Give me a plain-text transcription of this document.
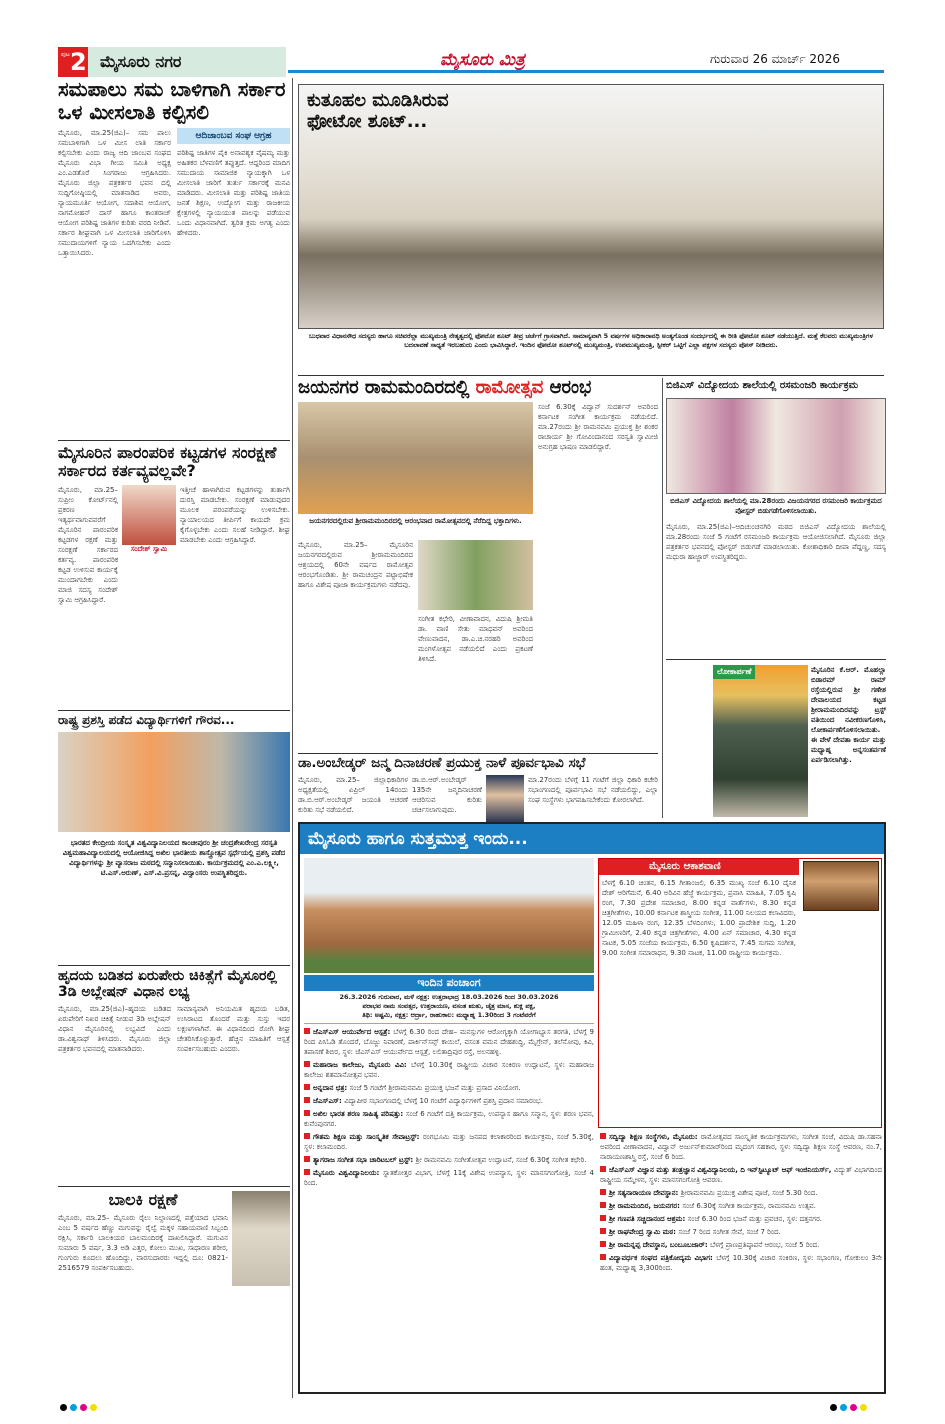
ಪುಟ 2 ಮೈಸೂರು ನಗರ	ಮೈಸೂರು ಮಿತ್ರ	ಗುರುವಾರ 26 ಮಾರ್ಚ್ 2026
ಸಮಪಾಲು ಸಮ ಬಾಳಿಗಾಗಿ ಸರ್ಕಾರ ಒಳ ಮೀಸಲಾತಿ ಕಲ್ಪಿಸಲಿ
ಮೈಸೂರು, ಮಾ.25(ಜಿಎ)– ಸಮ ಪಾಲು ಸಮಬಾಳಿಗಾಗಿ ಒಳ ಮೀಸ ಲಾತಿ ಸರ್ಕಾರ ಕಲ್ಪಿಸಬೇಕು ಎಂದು ರಾಜ್ಯ ಆದಿ ಜಾಂಬವ ಸಂಘದ ಮೈಸೂರು ವಿಭಾ ಗೀಯ ಸಮಿತಿ ಅಧ್ಯಕ್ಷ ಎಂ.ಎಡತೊರೆ ಸಿಂಗರಾಜು ಆಗ್ರಹಿಸಿದರು. ಮೈಸೂರು ಜಿಲ್ಲಾ ಪತ್ರಕರ್ತರ ಭವನ ದಲ್ಲಿ ಸುದ್ದಿಗೋಷ್ಠಿಯಲ್ಲಿ ಮಾತನಾಡಿದ ಅವರು, ನ್ಯಾಯಮೂರ್ತಿ ಆಯೋಗ, ಸದಾಶಿವ ಆಯೋಗ, ನಾಗಮೋಹನ್ ದಾಸ್ ಹಾಗೂ ಕಾಂತರಾಜ್ ಆಯೋಗ ಪರಿಶಿಷ್ಟ ಜಾತಿಗಳ ಕುರಿತು ವರದಿ ನೀಡಿವೆ. ಸರ್ಕಾರ ಶೀಘ್ರವಾಗಿ ಒಳ ಮೀಸಲಾತಿ ಜಾರಿಗೊಳಿಸಿ ಸಮುದಾಯಗಳಿಗೆ ನ್ಯಾಯ ಒದಗಿಸಬೇಕು ಎಂದು ಒತ್ತಾಯಿಸಿದರು.
ಆದಿಜಾಂಬವ ಸಂಘ ಆಗ್ರಹ
ಪರಿಶಿಷ್ಟ ಜಾತಿಗಳ ಪೈಕಿ ಅನಾವಶ್ಯಕ ವೈಷಮ್ಯ ಮತ್ತು ಅಹಿತಕರ ಬೆಳವಣಿಗೆ ತಪ್ಪುತ್ತದೆ. ಆದ್ದರಿಂದ ಮಾದಿಗ ಸಮುದಾಯ ಸಾಮಾಜಿಕ ನ್ಯಾಯಕ್ಕಾಗಿ ಒಳ ಮೀಸಲಾತಿ ಜಾರಿಗೆ ತುರ್ತು ಸರ್ಕಾರಕ್ಕೆ ಮನವಿ ಮಾಡಿದರು. ಮೀಸಲಾತಿ ಮತ್ತು ಪರಿಶಿಷ್ಟ ಜಾತಿಯ ಜನತೆ ಶಿಕ್ಷಣ, ಉದ್ಯೋಗ ಮತ್ತು ರಾಜಕೀಯ ಕ್ಷೇತ್ರಗಳಲ್ಲಿ ನ್ಯಾಯಯುತ ಪಾಲನ್ನು ಪಡೆಯುವ ಒಂದು ವಿಧಾನವಾಗಿದೆ. ತ್ವರಿತ ಕ್ರಮ ಅಗತ್ಯ ಎಂದು ಹೇಳಿದರು.
ಮೈಸೂರಿನ ಪಾರಂಪರಿಕ ಕಟ್ಟಡಗಳ ಸಂರಕ್ಷಣೆ ಸರ್ಕಾರದ ಕರ್ತವ್ಯವಲ್ಲವೇ?
ಮೈಸೂರು, ಮಾ.25– ಸುಪ್ರೀಂ ಕೋರ್ಟ್‌ನಲ್ಲಿ ಪ್ರಕರಣ ಇತ್ಯರ್ಥವಾಗುವವರೆಗೆ ಮೈಸೂರಿನ ಪಾರಂಪರಿಕ ಕಟ್ಟಡಗಳ ರಕ್ಷಣೆ ಮತ್ತು ಸಂರಕ್ಷಣೆ ಸರ್ಕಾರದ ಕರ್ತವ್ಯ. ಪಾರಂಪರಿಕ ಕಟ್ಟಡ ಉಳಿಸುವ ಕಾರ್ಯಕ್ಕೆ ಮುಂದಾಗಬೇಕು ಎಂದು ಮಾಜಿ ಸದಸ್ಯ ಸಂದೇಶ್ ಸ್ವಾಮಿ ಆಗ್ರಹಿಸಿದ್ದಾರೆ.
ಸಂದೇಶ್ ಸ್ವಾಮಿ
ಇತ್ತೀಚೆ ಹಾಳಾಗಿರುವ ಕಟ್ಟಡಗಳನ್ನು ತುರ್ತಾಗಿ ದುರಸ್ತಿ ಮಾಡಬೇಕು. ಸಂರಕ್ಷಣೆ ಮಾಡುವುದರ ಮೂಲಕ ಪರಂಪರೆಯನ್ನು ಉಳಿಸಬೇಕು. ನ್ಯಾಯಾಲಯದ ತೀರ್ಪಿಗೆ ಕಾಯದೇ ಕ್ರಮ ಕೈಗೊಳ್ಳಬೇಕು ಎಂದು ಸಲಹೆ ನೀಡಿದ್ದಾರೆ. ಶೀಘ್ರ ಮಾಡಬೇಕು ಎಂದು ಆಗ್ರಹಿಸಿದ್ದಾರೆ.
ರಾಷ್ಟ್ರ ಪ್ರಶಸ್ತಿ ಪಡೆದ ವಿದ್ಯಾರ್ಥಿಗಳಿಗೆ ಗೌರವ...
ಭಾರತದ ಕೇಂದ್ರೀಯ ಸಂಸ್ಕೃತ ವಿಶ್ವವಿದ್ಯಾನಿಲಯದ ಕಾಂಚೀಪುರಂ ಶ್ರೀ ಚಂದ್ರಶೇಖರೇಂದ್ರ ಸರಸ್ವತಿ ವಿಶ್ವಮಹಾವಿದ್ಯಾಲಯದಲ್ಲಿ ಆಯೋಜಿಸಿದ್ದ ಅಖಿಲ ಭಾರತೀಯ ಶಾಸ್ತ್ರೋತ್ಸವ ಸ್ಪರ್ಧೆಯಲ್ಲಿ ಪ್ರಶಸ್ತಿ ಪಡೆದ ವಿದ್ಯಾರ್ಥಿಗಳನ್ನು ಶ್ರೀ ವ್ಯಾಸರಾಜ ಮಠದಲ್ಲಿ ಸನ್ಮಾನಿಸಲಾಯಿತು. ಕಾರ್ಯಕ್ರಮದಲ್ಲಿ ಎಂ.ಎ.ಲಕ್ಷ್ಮೀ, ಟಿ.ಎಸ್.ಅರುಣ್, ಎಸ್.ವಿ.ಪ್ರಸನ್ನ, ವಿದ್ವಾಂಸರು ಉಪಸ್ಥಿತರಿದ್ದರು.
ಹೃದಯ ಬಡಿತದ ಏರುಪೇರು ಚಿಕಿತ್ಸೆಗೆ ಮೈಸೂರಲ್ಲಿ 3ಡಿ ಅಬ್ಲೇಷನ್ ವಿಧಾನ ಲಭ್ಯ
ಮೈಸೂರು, ಮಾ.25(ಜಿಎ)–ಹೃದಯ ಬಡಿತದ ಏರುಪೇರಿಗೆ ನಿಖರ ಚಿಕಿತ್ಸೆ ನೀಡುವ 3ಡಿ ಅಬ್ಲೇಷನ್ ವಿಧಾನ ಮೈಸೂರಿನಲ್ಲಿ ಲಭ್ಯವಿದೆ ಎಂದು ಡಾ.ವಿಶ್ವನಾಥ್ ತಿಳಿಸಿದರು. ಮೈಸೂರು ಜಿಲ್ಲಾ ಪತ್ರಕರ್ತರ ಭವನದಲ್ಲಿ ಮಾತನಾಡಿದರು.
ಸಾಮಾನ್ಯವಾಗಿ ಅನಿಯಮಿತ ಹೃದಯ ಬಡಿತ, ಉಸಿರಾಟದ ತೊಂದರೆ ಮತ್ತು ಸುಸ್ತು ಇದರ ಲಕ್ಷಣಗಳಾಗಿವೆ. ಈ ವಿಧಾನದಿಂದ ರೋಗಿ ಶೀಘ್ರ ಚೇತರಿಸಿಕೊಳ್ಳುತ್ತಾರೆ. ಹೆಚ್ಚಿನ ಮಾಹಿತಿಗೆ ಆಸ್ಪತ್ರೆ ಸಂಪರ್ಕಿಸಬಹುದು ಎಂದರು.
ಬಾಲಕಿ ರಕ್ಷಣೆ
ಮೈಸೂರು, ಮಾ.25– ಮೈಸೂರು ರೈಲು ನಿಲ್ದಾಣದಲ್ಲಿ ಪತ್ತೆಯಾದ ಭವಾನಿ ಎಂಬ 5 ವರ್ಷದ ಹೆಣ್ಣು ಮಗುವನ್ನು ರೈಲ್ವೆ ಮಕ್ಕಳ ಸಹಾಯವಾಣಿ ಸಿಬ್ಬಂದಿ ರಕ್ಷಿಸಿ, ಸರ್ಕಾರಿ ಬಾಲಕಿಯರ ಬಾಲಮಂದಿರಕ್ಕೆ ದಾಖಲಿಸಿದ್ದಾರೆ. ಮಗುವಿನ ಸುಮಾರು 5 ವರ್ಷ, 3.3 ಅಡಿ ಎತ್ತರ, ಕೋಲು ಮುಖ, ಸಾಧಾರಣ ಶರೀರ, ಗುಂಗುರು ಕೂದಲು ಹೊಂದಿದ್ದು, ವಾರಸುದಾರರು ಇದ್ದಲ್ಲಿ ದೂ: 0821-2516579 ಸಂಪರ್ಕಿಸಬಹುದು.
ಕುತೂಹಲ ಮೂಡಿಸಿರುವ ಫೋಟೋ ಶೂಟ್...
ಬುಧವಾರ ವಿಧಾನಸೌಧ ಸದಸ್ಯರು ಹಾಗೂ ಸಚಿವರೆಲ್ಲಾ ಮುಖ್ಯಮಂತ್ರಿ ನೇತೃತ್ವದಲ್ಲಿ ಫೋಟೋ ಶೂಟ್ ತೀವ್ರ ಚರ್ಚೆಗೆ ಗ್ರಾಸವಾಗಿದೆ. ಸಾಮಾನ್ಯವಾಗಿ 5 ವರ್ಷಗಳ ಅಧಿಕಾರಾವಧಿ ಅಂತ್ಯಗೊಂಡ ಸಂದರ್ಭದಲ್ಲಿ ಈ ರೀತಿ ಫೋಟೋ ಶೂಟ್ ನಡೆಯುತ್ತಿದೆ. ಮತ್ತೆ ಕೆಲವರು ಮುಖ್ಯಮಂತ್ರಿಗಳ ಬದಲಾವಣೆ ಸಾಧ್ಯತೆ ಇರಬಹುದು ಎಂದು ಭಾವಿಸಿದ್ದಾರೆ. ಇಂದಿನ ಫೋಟೋ ಶೂಟ್‌ನಲ್ಲಿ ಮುಖ್ಯಮಂತ್ರಿ, ಉಪಮುಖ್ಯಮಂತ್ರಿ, ಸ್ಪೀಕರ್ ಒಟ್ಟಿಗೆ ಎಲ್ಲಾ ಪಕ್ಷಗಳ ಸದಸ್ಯರು ಪೋಸ್ ನೀಡಿದರು.
ಜಯನಗರ ರಾಮಮಂದಿರದಲ್ಲಿ ರಾಮೋತ್ಸವ ಆರಂಭ
ಜಯನಗರದಲ್ಲಿರುವ ಶ್ರೀರಾಮಮಂದಿರದಲ್ಲಿ ಆರಂಭವಾದ ರಾಮೋತ್ಸವದಲ್ಲಿ ನೆರೆದಿದ್ದ ಭಕ್ತಾದಿಗಳು.
ಸಂಜೆ 6.30ಕ್ಕೆ ವಿದ್ವಾನ್ ಸುದರ್ಶನ್ ಅವರಿಂದ ಕರ್ನಾಟಕ ಸಂಗೀತ ಕಾರ್ಯಕ್ರಮ ನಡೆಯಲಿದೆ. ಮಾ.27ರಂದು ಶ್ರೀ ರಾಮನವಮಿ ಪ್ರಯುಕ್ತ ಶ್ರೀ ಶಂಕರ ರಾಚಾರ್ಯ ಶ್ರೀ ಗೋವಿಂದಾನಂದ ಸರಸ್ವತಿ ಸ್ವಾಮೀಜಿ ಅನುಗ್ರಹ ಭಾಷಣ ಮಾಡಲಿದ್ದಾರೆ.
ಮೈಸೂರು, ಮಾ.25– ಮೈಸೂರಿನ ಜಯನಗರದಲ್ಲಿರುವ ಶ್ರೀರಾಮಮಂದಿರದ ಆಶ್ರಯದಲ್ಲಿ 60ನೇ ವರ್ಷದ ರಾಮೋತ್ಸವ ಆರಂಭಗೊಂಡಿತು. ಶ್ರೀ ರಾಮಚಂದ್ರನ ಪಟ್ಟಾಭಿಷೇಕ ಹಾಗೂ ವಿಶೇಷ ಪೂಜಾ ಕಾರ್ಯಕ್ರಮಗಳು ನಡೆದವು.
ಸಂಗೀತ ಕಛೇರಿ, ವೀಣಾವಾದನ, ವಿದುಷಿ ಶ್ರೀಮತಿ ಡಾ. ವಾಣಿ ಸೇತು ಮಾಧವನ್ ಅವರಿಂದ ವೇಣುವಾದನ, ಡಾ.ಎ.ಚಿ.ನರಹರಿ ಅವರಿಂದ ಮಂಗಳೋತ್ಸವ ನಡೆಯಲಿದೆ ಎಂದು ಪ್ರಕಟಣೆ ತಿಳಿಸಿದೆ.
ಡಾ.ಅಂಬೇಡ್ಕರ್ ಜನ್ಮ ದಿನಾಚರಣೆ ಪ್ರಯುಕ್ತ ನಾಳೆ ಪೂರ್ವಭಾವಿ ಸಭೆ
ಮೈಸೂರು, ಮಾ.25– ಜಿಲ್ಲಾಧಿಕಾರಿಗಳ ಅಧ್ಯಕ್ಷತೆಯಲ್ಲಿ ಏಪ್ರಿಲ್ 14ರಂದು ಡಾ.ಬಿ.ಆರ್.ಅಂಬೇಡ್ಕರ್ ಜಯಂತಿ ಆಚರಣೆ ಕುರಿತು ಸಭೆ ನಡೆಯಲಿದೆ.
ಡಾ.ಬಿ.ಆರ್.ಅಂಬೇಡ್ಕರ್ 135ನೇ ಜನ್ಮದಿನಾಚರಣೆ ಆಚರಿಸುವ ಕುರಿತು ಚರ್ಚಿಸಲಾಗುವುದು.
ಮಾ.27ರಂದು ಬೆಳಗ್ಗೆ 11 ಗಂಟೆಗೆ ಜಿಲ್ಲಾ ಧಿಕಾರಿ ಕಚೇರಿ ಸಭಾಂಗಣದಲ್ಲಿ ಪೂರ್ವಭಾವಿ ಸಭೆ ನಡೆಯಲಿದ್ದು, ಎಲ್ಲಾ ಸಂಘ ಸಂಸ್ಥೆಗಳು ಭಾಗವಹಿಸಬೇಕೆಂದು ಕೋರಲಾಗಿದೆ.
ಬಿಜಿಎಸ್ ವಿದ್ಯೋದಯ ಶಾಲೆಯಲ್ಲಿ ರಸಮಂಜರಿ ಕಾರ್ಯಕ್ರಮ
ಬಿಜಿಎಸ್ ವಿದ್ಯೋದಯ ಶಾಲೆಯಲ್ಲಿ ಮಾ.28ರಂದು ವಿಜಯನಗರದ ರಸಮಂಜರಿ ಕಾರ್ಯಕ್ರಮದ ಪೋಸ್ಟರ್ ಬಿಡುಗಡೆಗೊಳಿಸಲಾಯಿತು.
ಮೈಸೂರು, ಮಾ.25(ಜಿಎ)–ಆದಿಚುಂಚನಗಿರಿ ಮಠದ ಬಿಜಿಎಸ್ ವಿದ್ಯೋದಯ ಶಾಲೆಯಲ್ಲಿ ಮಾ.28ರಂದು ಸಂಜೆ 5 ಗಂಟೆಗೆ ರಸಮಂಜರಿ ಕಾರ್ಯಕ್ರಮ ಆಯೋಜಿಸಲಾಗಿದೆ. ಮೈಸೂರು ಜಿಲ್ಲಾ ಪತ್ರಕರ್ತರ ಭವನದಲ್ಲಿ ಪೋಸ್ಟರ್ ಬಿಡುಗಡೆ ಮಾಡಲಾಯಿತು. ಕೋಶಾಧಿಕಾರಿ ದೀಪಾ ಪೆದ್ದಣ್ಣ, ಸದಸ್ಯ ಮಧುರಾ ಹಾಜ್ಜಾರ್ ಉಪಸ್ಥಿತರಿದ್ದರು.
ಲೋಕಾರ್ಪಣೆ	ಮೈಸೂರಿನ ಕೆ.ಆರ್. ಮೊಹಲ್ಲಾ ಬಿಡಾರಮ್ ರಾಮ್ ರಸ್ತೆಯಲ್ಲಿರುವ ಶ್ರೀ ಗಣೇಶ ದೇವಾಲಯದ ಕಟ್ಟಡ ಶ್ರೀರಾಮಮಂದಿರವನ್ನು ಟ್ರಸ್ಟ್ ವತಿಯಿಂದ ನವೀಕರಣಗೊಳಿಸಿ, ಲೋಕಾರ್ಪಣೆಗೊಳಿಸಲಾಯಿತು. ಈ ವೇಳೆ ದೇವತಾ ಕಾರ್ಯ ಮತ್ತು ಮಧ್ಯಾಹ್ನ ಅನ್ನಸಂತರ್ಪಣೆ ಏರ್ಪಡಿಸಲಾಗಿತ್ತು.
ಮೈಸೂರು ಹಾಗೂ ಸುತ್ತಮುತ್ತ ಇಂದು...
ಇಂದಿನ ಪಂಚಾಂಗ
26.3.2026 ಗುರುವಾರ, ಮಳೆ ನಕ್ಷತ್ರ: ಉತ್ತರಾಭಾದ್ರ 18.03.2026 ರಿಂದ 30.03.2026
ಪರಾಭವ ನಾಮ ಸಂವತ್ಸರ, ಉತ್ತರಾಯಣ, ವಸಂತ ಋತು, ಚೈತ್ರ ಮಾಸ, ಶುಕ್ಲ ಪಕ್ಷ,
ತಿಥಿ: ಅಷ್ಟಮಿ, ನಕ್ಷತ್ರ: ಆರ್ದ್ರಾ, ರಾಹುಕಾಲ: ಮಧ್ಯಾಹ್ನ 1.30ರಿಂದ 3 ಗಂಟೆವರೆಗೆ
ಜೆಎಸ್ಎಸ್ ಆಯುರ್ವೇದ ಆಸ್ಪತ್ರೆ: ಬೆಳಗ್ಗೆ 6.30 ರಿಂದ ದೇಹ– ಮನಸ್ಸುಗಳ ಆರೋಗ್ಯಕ್ಕಾಗಿ ಯೋಗಾಭ್ಯಾಸ ತರಗತಿ, ಬೆಳಗ್ಗೆ 9 ರಿಂದ ಪಿಸಿಓಡಿ ತೊಂದರೆ, ಬೊಜ್ಜು ನಿವಾರಣೆ, ಪಾರ್ಕಿನ್‌ಸನ್ಸ್ ಕಾಯಿಲೆ, ವಸಂತ ವಮನ ದೇಹಶುದ್ಧಿ, ಮೈಗ್ರೇನ್, ತಲೆನೋವು, ಕಿವಿ, ತಪಾಸಣೆ ಶಿಬಿರ, ಸ್ಥಳ: ಜೆಎಸ್ಎಸ್ ಆಯುರ್ವೇದ ಆಸ್ಪತ್ರೆ, ಲಲಿತಾದ್ರಿಪುರ ರಸ್ತೆ, ಅಲನಹಳ್ಳಿ.
ಮಹಾರಾಜ ಕಾಲೇಜು, ಮೈಸೂರು ವಿವಿ: ಬೆಳಗ್ಗೆ 10.30ಕ್ಕೆ ರಾಷ್ಟ್ರೀಯ ವಿಚಾರ ಸಂಕಿರಣ ಉದ್ಘಾಟನೆ, ಸ್ಥಳ: ಮಹಾರಾಜ ಕಾಲೇಜು ಶತಮಾನೋತ್ಸವ ಭವನ.
ಅನ್ನದಾನ ಛತ್ರ: ಸಂಜೆ 5 ಗಂಟೆಗೆ ಶ್ರೀರಾಮನವಮಿ ಪ್ರಯುಕ್ತ ಭಜನೆ ಮತ್ತು ಪ್ರಸಾದ ವಿನಿಯೋಗ.
ಜೆಎಸ್ಎಸ್: ವಿದ್ಯಾಪೀಠ ಸಭಾಂಗಣದಲ್ಲಿ ಬೆಳಗ್ಗೆ 10 ಗಂಟೆಗೆ ವಿದ್ಯಾರ್ಥಿಗಳಿಗೆ ಪ್ರಶಸ್ತಿ ಪ್ರದಾನ ಸಮಾರಂಭ.
ಅಖಿಲ ಭಾರತ ಶರಣ ಸಾಹಿತ್ಯ ಪರಿಷತ್ತು: ಸಂಜೆ 6 ಗಂಟೆಗೆ ದತ್ತಿ ಕಾರ್ಯಕ್ರಮ, ಉಪನ್ಯಾಸ ಹಾಗೂ ಸನ್ಮಾನ, ಸ್ಥಳ: ಶರಣ ಭವನ, ಕುವೆಂಪುನಗರ.
ಗೌತಮ ಶಿಕ್ಷಣ ಮತ್ತು ಸಾಂಸ್ಕೃತಿಕ ಸೇವಾಟ್ರಸ್ಟ್: ರಂಗಭೂಮಿ ಮತ್ತು ಜನಪದ ಕಲಾಕಾರರಿಂದ ಕಾರ್ಯಕ್ರಮ, ಸಂಜೆ 5.30ಕ್ಕೆ, ಸ್ಥಳ: ಕಲಾಮಂದಿರ.
ತ್ಯಾಗರಾಜ ಸಂಗೀತ ಸಭಾ ಚಾರಿಟಬಲ್ ಟ್ರಸ್ಟ್: ಶ್ರೀ ರಾಮನವಮಿ ಸಂಗೀತೋತ್ಸವ ಉದ್ಘಾಟನೆ, ಸಂಜೆ 6.30ಕ್ಕೆ ಸಂಗೀತ ಕಛೇರಿ.
ಮೈಸೂರು ವಿಶ್ವವಿದ್ಯಾನಿಲಯ: ಸ್ನಾತಕೋತ್ತರ ವಿಭಾಗ, ಬೆಳಗ್ಗೆ 11ಕ್ಕೆ ವಿಶೇಷ ಉಪನ್ಯಾಸ, ಸ್ಥಳ: ಮಾನಸಗಂಗೋತ್ರಿ, ಸಂಜೆ 4 ರಿಂದ.
ಮೈಸೂರು ಆಕಾಶವಾಣಿ
ಬೆಳಗ್ಗೆ 6.10 ಚಿಂತನ, 6.15 ಗೀತಾಂಜಲಿ, 6.35 ಮುಖ್ಯ ಸಂಜೆ 6.10 ದೈನಿಕ ದೇಶ್ ಆರಿಗೆಮನೆ, 6.40 ಅರಿವಿನ ಹೆಜ್ಜೆ ಕಾರ್ಯಕ್ರಮ, ಪ್ರವಾಸಿ ಮಾಹಿತಿ, 7.05 ಕೃಷಿ ರಂಗ, 7.30 ಪ್ರದೇಶ ಸಮಾಚಾರ, 8.00 ಕನ್ನಡ ವಾರ್ತೆಗಳು, 8.30 ಕನ್ನಡ ಚಿತ್ರಗೀತೆಗಳು, 10.00 ಕರ್ನಾಟಕ ಶಾಸ್ತ್ರೀಯ ಸಂಗೀತ, 11.00 ನಿಲಯದ ಕಲಾವಿದರು, 12.05 ಮಹಿಳಾ ರಂಗ, 12.35 ಬೆಳದಿಂಗಳು, 1.00 ಪ್ರಾದೇಶಿಕ ಸುದ್ದಿ, 1.20 ಗ್ರಾಮೀಣರಿಗೆ, 2.40 ಕನ್ನಡ ಚಿತ್ರಗೀತೆಗಳು, 4.00 ಏನ್ ಸಮಾಚಾರ, 4.30 ಕನ್ನಡ ನಾಟಕ, 5.05 ಸಂಜೆಯ ಕಾರ್ಯಕ್ರಮ, 6.50 ಕೃಷಿದರ್ಶನ, 7.45 ಸುಗಮ ಸಂಗೀತ, 9.00 ಸಂಗೀತ ಸಮಾರಾಧನ, 9.30 ನಾಟಕ, 11.00 ರಾಷ್ಟ್ರೀಯ ಕಾರ್ಯಕ್ರಮ.
ಸದ್ವಿದ್ಯಾ ಶಿಕ್ಷಣ ಸಂಸ್ಥೆಗಳು, ಮೈಸೂರು: ರಾಮೋತ್ಸವದ ಸಾಂಸ್ಕೃತಿಕ ಕಾರ್ಯಕ್ರಮಗಳು, ಸಂಗೀತ ಸಂಜೆ, ವಿದುಷಿ ಡಾ.ಸಹನಾ ಅವರಿಂದ ವೀಣಾವಾದನ, ವಿದ್ವಾನ್ ಅರ್ಜುನ್‌ಕುಮಾರ್‌ರಿಂದ ಮೃದಂಗ ಸಹಕಾರ, ಸ್ಥಳ: ಸದ್ವಿದ್ಯಾ ಶಿಕ್ಷಣ ಸಂಸ್ಥೆ ಆವರಣ, ನಂ.7, ನಾರಾಯಣಶಾಸ್ತ್ರಿ ರಸ್ತೆ, ಸಂಜೆ 6 ರಿಂದ.
ಜೆಎಸ್‌ಎಸ್ ವಿಜ್ಞಾನ ಮತ್ತು ತಂತ್ರಜ್ಞಾನ ವಿಶ್ವವಿದ್ಯಾನಿಲಯ, ದಿ ಇನ್‌ಸ್ಟಿಟ್ಯೂಟ್ ಆಫ್ ಇಂಜಿನಿಯರ್ಸ್, ವಿದ್ಯುತ್ ವಿಭಾಗದಿಂದ ರಾಷ್ಟ್ರೀಯ ಸಮ್ಮೇಳನ, ಸ್ಥಳ: ಮಾನಸಗಂಗೋತ್ರಿ ಆವರಣ.
ಶ್ರೀ ಸತ್ಯನಾರಾಯಣ ದೇವಸ್ಥಾನ: ಶ್ರೀರಾಮನವಮಿ ಪ್ರಯುಕ್ತ ವಿಶೇಷ ಪೂಜೆ, ಸಂಜೆ 5.30 ರಿಂದ.
ಶ್ರೀ ರಾಮಮಂದಿರ, ಜಯನಗರ: ಸಂಜೆ 6.30ಕ್ಕೆ ಸಂಗೀತ ಕಾರ್ಯಕ್ರಮ, ರಾಮನವಮಿ ಉತ್ಸವ.
ಶ್ರೀ ಗಣಪತಿ ಸಚ್ಚಿದಾನಂದ ಆಶ್ರಮ: ಸಂಜೆ 6.30 ರಿಂದ ಭಜನೆ ಮತ್ತು ಪ್ರವಚನ, ಸ್ಥಳ: ದತ್ತನಗರ.
ಶ್ರೀ ರಾಘವೇಂದ್ರ ಸ್ವಾಮಿ ಮಠ: ಸಂಜೆ 7 ರಿಂದ ಸಂಗೀತ ಸೇವೆ, ಸಂಜೆ 7 ರಿಂದ.
ಶ್ರೀ ರಾಮನ್ನಪ್ಪ ದೇವಸ್ಥಾನ, ಬಂಬೂಬಜಾರ್: ಬೆಳಗ್ಗೆ ಪ್ರಾಣಪ್ರತಿಷ್ಠಾಪನೆ ಆರಂಭ, ಸಂಜೆ 5 ರಿಂದ.
ವಿದ್ಯಾವರ್ಧಕ ಸಂಘದ ಪತ್ರಿಕೋದ್ಯಮ ವಿಭಾಗ: ಬೆಳಗ್ಗೆ 10.30ಕ್ಕೆ ವಿಚಾರ ಸಂಕಿರಣ, ಸ್ಥಳ: ಸಭಾಂಗಣ, ಗೋಕುಲಂ 3ನೇ ಹಂತ, ಮಧ್ಯಾಹ್ನ 3,300ರಿಂದ.
